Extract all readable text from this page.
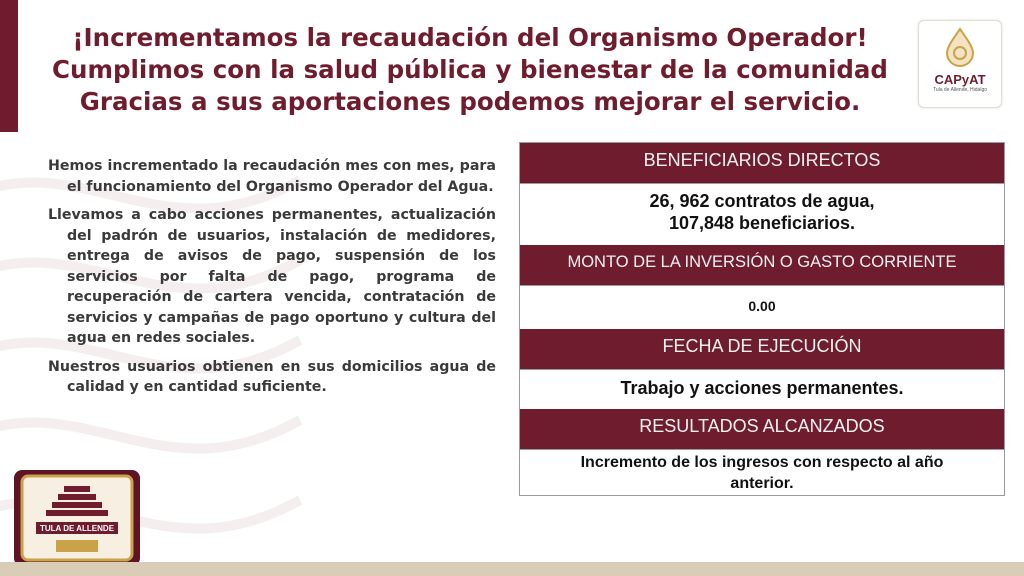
¡Incrementamos la recaudación del Organismo Operador!
Cumplimos con la salud pública y bienestar de la comunidad
Gracias a sus aportaciones podemos mejorar el servicio.
CAPyAT
Tula de Allende, Hidalgo

Hemos incrementado la recaudación mes con mes, para el funcionamiento del Organismo Operador del Agua.

Llevamos a cabo acciones permanentes, actualización del padrón de usuarios, instalación de medidores, entrega de avisos de pago, suspensión de los servicios por falta de pago, programa de recuperación de cartera vencida, contratación de servicios y campañas de pago oportuno y cultura del agua en redes sociales.

Nuestros usuarios obtienen en sus domicilios agua de calidad y en cantidad suficiente.

BENEFICIARIOS DIRECTOS
26, 962 contratos de agua,
107,848 beneficiarios.
MONTO DE LA INVERSIÓN O GASTO CORRIENTE
0.00
FECHA DE EJECUCIÓN
Trabajo y acciones permanentes.
RESULTADOS ALCANZADOS
Incremento de los ingresos con respecto al año
anterior.
TULA DE ALLENDE
